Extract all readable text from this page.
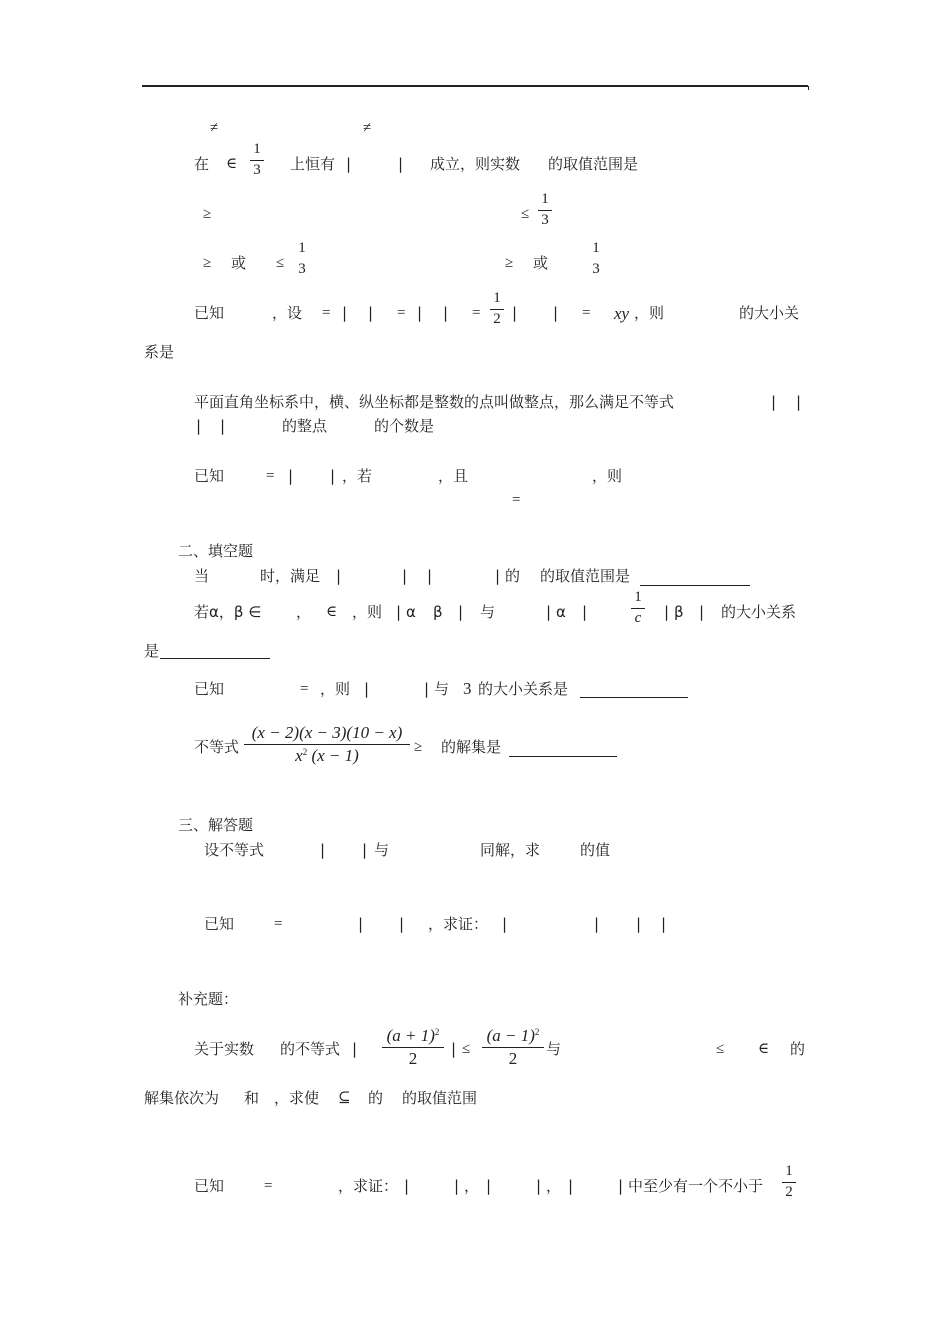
≠	≠
在 ∈
1
3 上恒有 |	| 成立，则实数 的取值范围是
≥	≤
1
3
≥ 或 ≤
1
3	≥ 或
1
3
已知	，设 = | | = | | =
1
2 | | = xy ，则	的大小关
系是
平面直角坐标系中，横、纵坐标都是整数的点叫做整点，那么满足不等式	| |
| |	的整点	的个数是
已知	= | | ，若	，且	，则
=
二、填空题
当	时，满足 |	| |	| 的 的取值范围是
若α，β ∈ ， ∈ ，则 | α β | 与	| α |
1
c | β | 的大小关系
是
已知	= ，则 |	| 与 3 的大小关系是
不等式
(x − 2)(x − 3)(10 − x)
$x^2$ (x − 1)	≥ 的解集是
三、解答题
设不等式	| | 与	同解，求	的值
已知	=	| | ，求证： |	| | |
补充题：
关于实数 的不等式 |
$(a + 1)^2$
2	| ≤
$(a - 1)^2$
2	与	≤ ∈ 的
解集依次为 和 ，求使 ⊆ 的 的取值范围
已知	=	，求证： |	| ， |	| ， |	| 中至少有一个不小于
1
2
